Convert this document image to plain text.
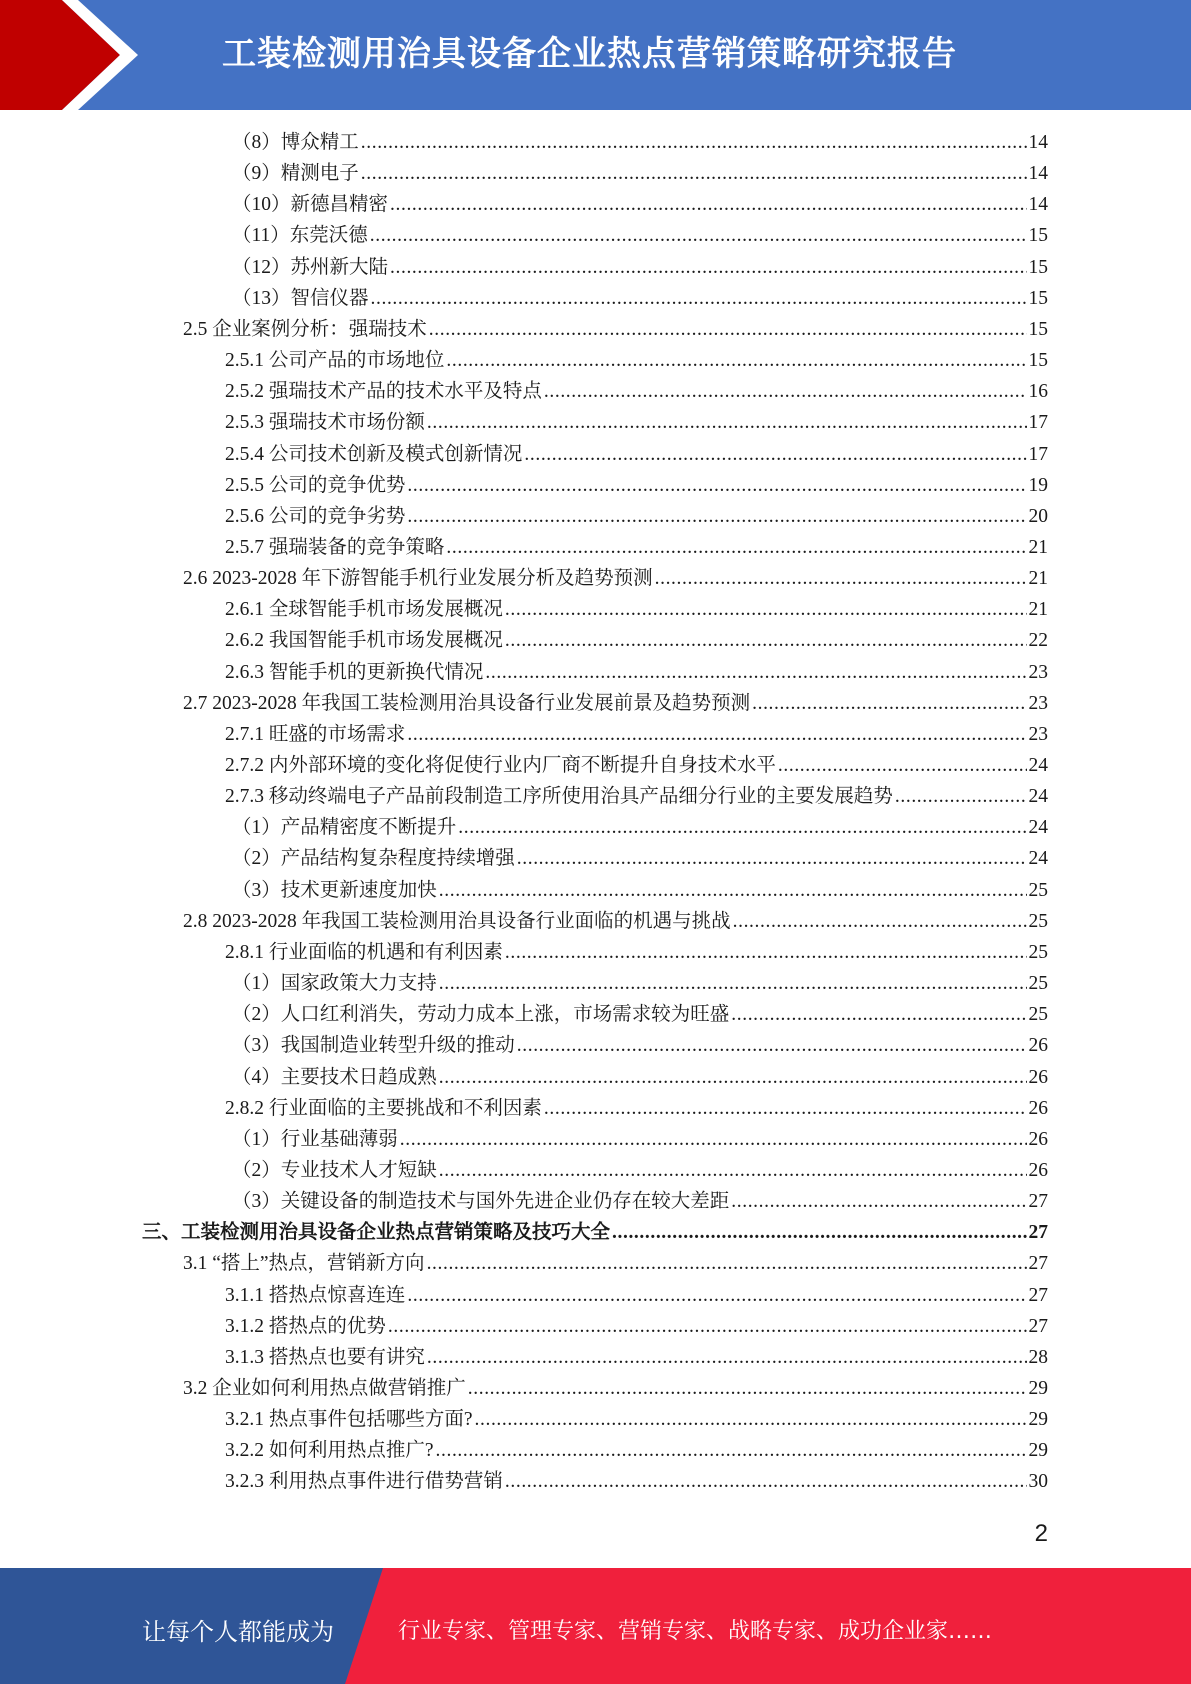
工装检测用治具设备企业热点营销策略研究报告
（8）博众精工 .....	14
（9）精测电子 .....	14
（10）新德昌精密 .....	14
（11）东莞沃德 .....	15
（12）苏州新大陆 .....	15
（13）智信仪器 .....	15
2.5 企业案例分析：强瑞技术 .....	15
2.5.1 公司产品的市场地位 .....	15
2.5.2 强瑞技术产品的技术水平及特点 .....	16
2.5.3 强瑞技术市场份额 .....	17
2.5.4 公司技术创新及模式创新情况 .....	17
2.5.5 公司的竞争优势 .....	19
2.5.6 公司的竞争劣势 .....	20
2.5.7 强瑞装备的竞争策略 .....	21
2.6 2023-2028 年下游智能手机行业发展分析及趋势预测 .....	21
2.6.1 全球智能手机市场发展概况 .....	21
2.6.2 我国智能手机市场发展概况 .....	22
2.6.3 智能手机的更新换代情况 .....	23
2.7 2023-2028 年我国工装检测用治具设备行业发展前景及趋势预测 .....	23
2.7.1 旺盛的市场需求 .....	23
2.7.2 内外部环境的变化将促使行业内厂商不断提升自身技术水平 .....	24
2.7.3 移动终端电子产品前段制造工序所使用治具产品细分行业的主要发展趋势 .....	24
（1）产品精密度不断提升 .....	24
（2）产品结构复杂程度持续增强 .....	24
（3）技术更新速度加快 .....	25
2.8 2023-2028 年我国工装检测用治具设备行业面临的机遇与挑战 .....	25
2.8.1 行业面临的机遇和有利因素 .....	25
（1）国家政策大力支持 .....	25
（2）人口红利消失，劳动力成本上涨，市场需求较为旺盛 .....	25
（3）我国制造业转型升级的推动 .....	26
（4）主要技术日趋成熟 .....	26
2.8.2 行业面临的主要挑战和不利因素 .....	26
（1）行业基础薄弱 .....	26
（2）专业技术人才短缺 .....	26
（3）关键设备的制造技术与国外先进企业仍存在较大差距 .....	27
三、工装检测用治具设备企业热点营销策略及技巧大全 .....	27
3.1 “搭上”热点，营销新方向 .....	27
3.1.1 搭热点惊喜连连 .....	27
3.1.2 搭热点的优势 .....	27
3.1.3 搭热点也要有讲究 .....	28
3.2 企业如何利用热点做营销推广 .....	29
3.2.1 热点事件包括哪些方面? .....	29
3.2.2 如何利用热点推广? .....	29
3.2.3 利用热点事件进行借势营销 .....	30
2
让每个人都能成为	行业专家、管理专家、营销专家、战略专家、成功企业家……
